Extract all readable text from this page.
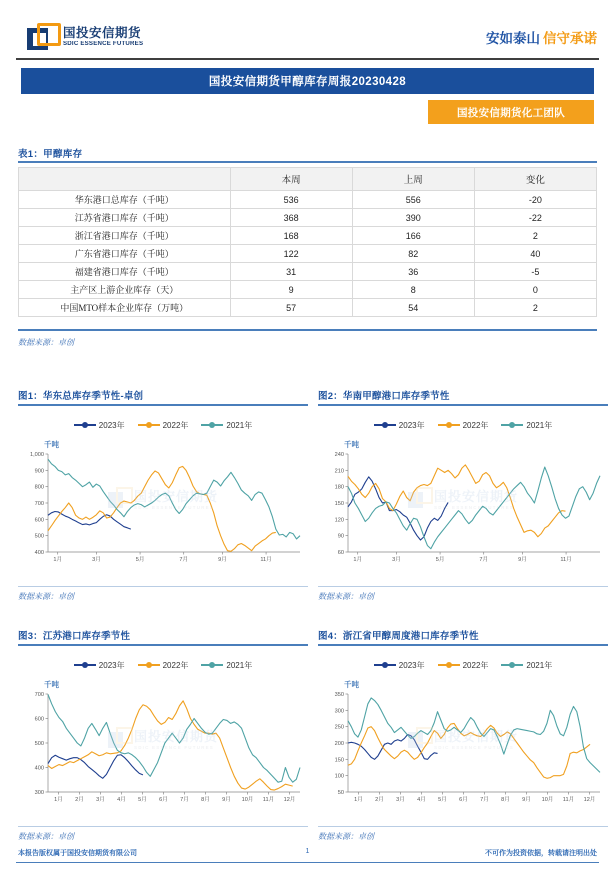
国投安信期货
SDIC ESSENCE FUTURES	安如泰山 信守承诺
国投安信期货甲醇库存周报20230428
国投安信期货化工团队
表1：甲醇库存
	本周	上周	变化
华东港口总库存（千吨）	536	556	-20
江苏省港口库存（千吨）	368	390	-22
浙江省港口库存（千吨）	168	166	2
广东省港口库存（千吨）	122	82	40
福建省港口库存（千吨）	31	36	-5
主产区上游企业库存（天）	9	8	0
中国MTO样本企业库存（万吨）	57	54	2
数据来源：卓创
图1：华东总库存季节性-卓创
2023年	2022年	2021年
千吨
400
500
600
700
800
900
1,000
1月	3月	5月	7月	9月	11月
国投安信期货
SDIC ESSENCE FUTURES
数据来源：卓创
图2：华南甲醇港口库存季节性
2023年	2022年	2021年
千吨
60
90
120
150
180
210
240
1月	3月	5月	7月	9月	11月
国投安信期货
SDIC ESSENCE FUTURES
数据来源：卓创
图3：江苏港口库存季节性
2023年	2022年	2021年
千吨
300
400
500
600
700
1月 2月 3月 4月 5月 6月 7月 8月 9月 10月 11月 12月
国投安信期货
SDIC ESSENCE FUTURES
数据来源：卓创
图4：浙江省甲醇周度港口库存季节性
2023年	2022年	2021年
千吨
50
100
150
200
250
300
350
1月 2月 3月 4月 5月 6月 7月 8月 9月 10月 11月 12月
国投安信期货
SDIC ESSENCE FUTURES
数据来源：卓创
本报告版权属于国投安信期货有限公司	1	不可作为投资依据，转载请注明出处
